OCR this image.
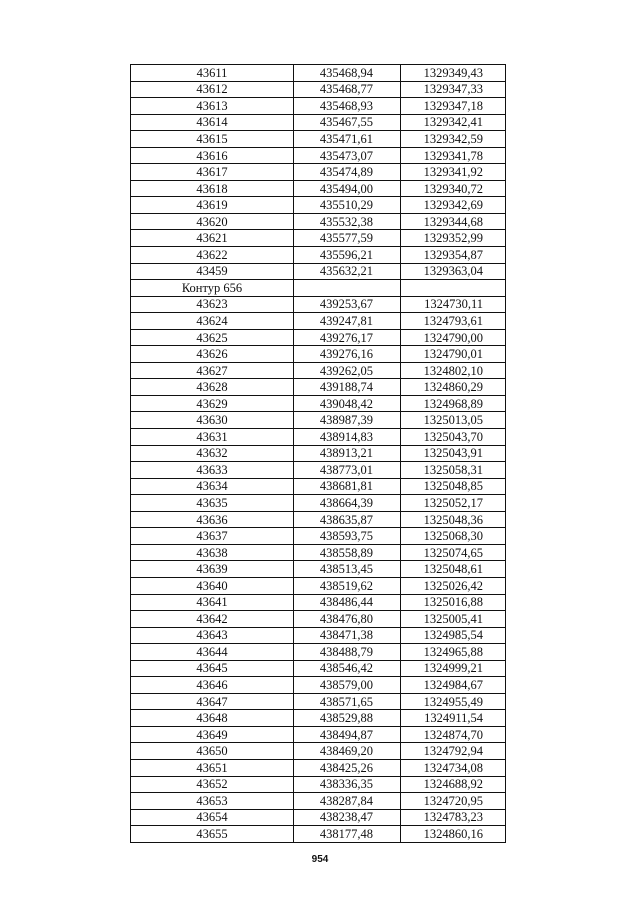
43611	435468,94	1329349,43
43612	435468,77	1329347,33
43613	435468,93	1329347,18
43614	435467,55	1329342,41
43615	435471,61	1329342,59
43616	435473,07	1329341,78
43617	435474,89	1329341,92
43618	435494,00	1329340,72
43619	435510,29	1329342,69
43620	435532,38	1329344,68
43621	435577,59	1329352,99
43622	435596,21	1329354,87
43459	435632,21	1329363,04
Контур 656		
43623	439253,67	1324730,11
43624	439247,81	1324793,61
43625	439276,17	1324790,00
43626	439276,16	1324790,01
43627	439262,05	1324802,10
43628	439188,74	1324860,29
43629	439048,42	1324968,89
43630	438987,39	1325013,05
43631	438914,83	1325043,70
43632	438913,21	1325043,91
43633	438773,01	1325058,31
43634	438681,81	1325048,85
43635	438664,39	1325052,17
43636	438635,87	1325048,36
43637	438593,75	1325068,30
43638	438558,89	1325074,65
43639	438513,45	1325048,61
43640	438519,62	1325026,42
43641	438486,44	1325016,88
43642	438476,80	1325005,41
43643	438471,38	1324985,54
43644	438488,79	1324965,88
43645	438546,42	1324999,21
43646	438579,00	1324984,67
43647	438571,65	1324955,49
43648	438529,88	1324911,54
43649	438494,87	1324874,70
43650	438469,20	1324792,94
43651	438425,26	1324734,08
43652	438336,35	1324688,92
43653	438287,84	1324720,95
43654	438238,47	1324783,23
43655	438177,48	1324860,16
954
